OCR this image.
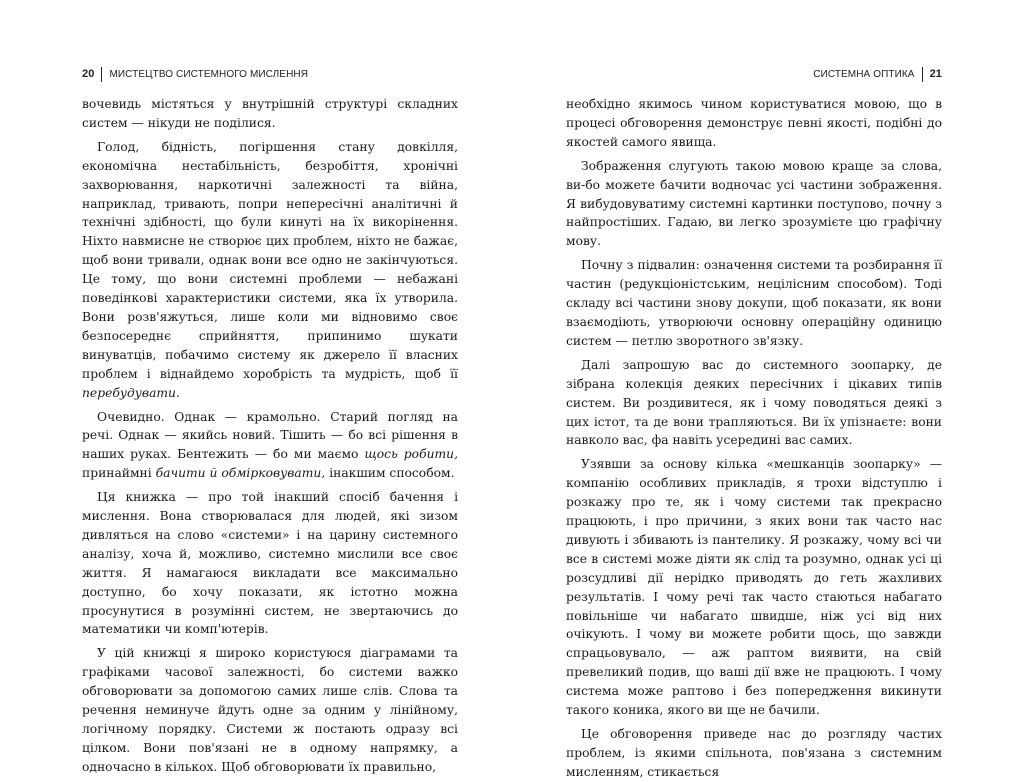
20 МИСТЕЦТВО СИСТЕМНОГО МИСЛЕННЯ

вочевидь містяться у внутрішній структурі складних систем — нікуди не поділися.

Голод, бідність, погіршення стану довкілля, економічна нестабільність, безробіття, хронічні захворювання, наркотичні залежності та війна, наприклад, тривають, попри непересічні аналітичні й технічні здібності, що були кинуті на їх викорінення. Ніхто навмисне не створює цих проблем, ніхто не бажає, щоб вони тривали, однак вони все одно не закінчуються. Це тому, що вони системні проблеми — небажані поведінкові характеристики системи, яка їх утворила. Вони розв'яжуться, лише коли ми відновимо своє безпосереднє сприйняття, припинимо шукати винуватців, побачимо систему як джерело її власних проблем і віднайдемо хоробрість та мудрість, щоб її перебудувати.

Очевидно. Однак — крамольно. Старий погляд на речі. Однак — якийсь новий. Тішить — бо всі рішення в наших руках. Бентежить — бо ми маємо щось робити, принаймні бачити й обмірковувати, інакшим способом.

Ця книжка — про той інакший спосіб бачення і мислення. Вона створювалася для людей, які зизом дивляться на слово «системи» і на царину системного аналізу, хоча й, можливо, системно мислили все своє життя. Я намагаюся викладати все максимально доступно, бо хочу показати, як істотно можна просунутися в розумінні систем, не звертаючись до математики чи комп'ютерів.

У цій книжці я широко користуюся діаграмами та графіками часової залежності, бо системи важко обговорювати за допомогою самих лише слів. Слова та речення неминуче йдуть одне за одним у лінійному, логічному порядку. Системи ж постають одразу всі цілком. Вони пов'язані не в одному напрямку, а одночасно в кількох. Щоб обговорювати їх правильно,

СИСТЕМНА ОПТИКА 21

необхідно якимось чином користуватися мовою, що в процесі обговорення демонструє певні якості, подібні до якостей самого явища.

Зображення слугують такою мовою краще за слова, ви-бо можете бачити водночас усі частини зображення. Я вибудовуватиму системні картинки поступово, почну з найпростіших. Гадаю, ви легко зрозумієте цю графічну мову.

Почну з підвалин: означення системи та розбирання її частин (редукціоністським, нецілісним способом). Тоді складу всі частини знову докупи, щоб показати, як вони взаємодіють, утворюючи основну операційну одиницю систем — петлю зворотного зв'язку.

Далі запрошую вас до системного зоопарку, де зібрана колекція деяких пересічних і цікавих типів систем. Ви роздивитеся, як і чому поводяться деякі з цих істот, та де вони трапляються. Ви їх упізнаєте: вони навколо вас, фа навіть усередині вас самих.

Узявши за основу кілька «мешканців зоопарку» — компанію особливих прикладів, я трохи відступлю і розкажу про те, як і чому системи так прекрасно працюють, і про причини, з яких вони так часто нас дивують і збивають із пантелику. Я розкажу, чому всі чи все в системі може діяти як слід та розумно, однак усі ці розсудливі дії нерідко приводять до геть жахливих результатів. І чому речі так часто стаються набагато повільніше чи набагато швидше, ніж усі від них очікують. І чому ви можете робити щось, що завжди спрацьовувало, — аж раптом виявити, на свій превеликий подив, що ваші дії вже не працюють. І чому система може раптово і без попередження викинути такого коника, якого ви ще не бачили.

Це обговорення приведе нас до розгляду частих проблем, із якими спільнота, пов'язана з системним мисленням, стикається
